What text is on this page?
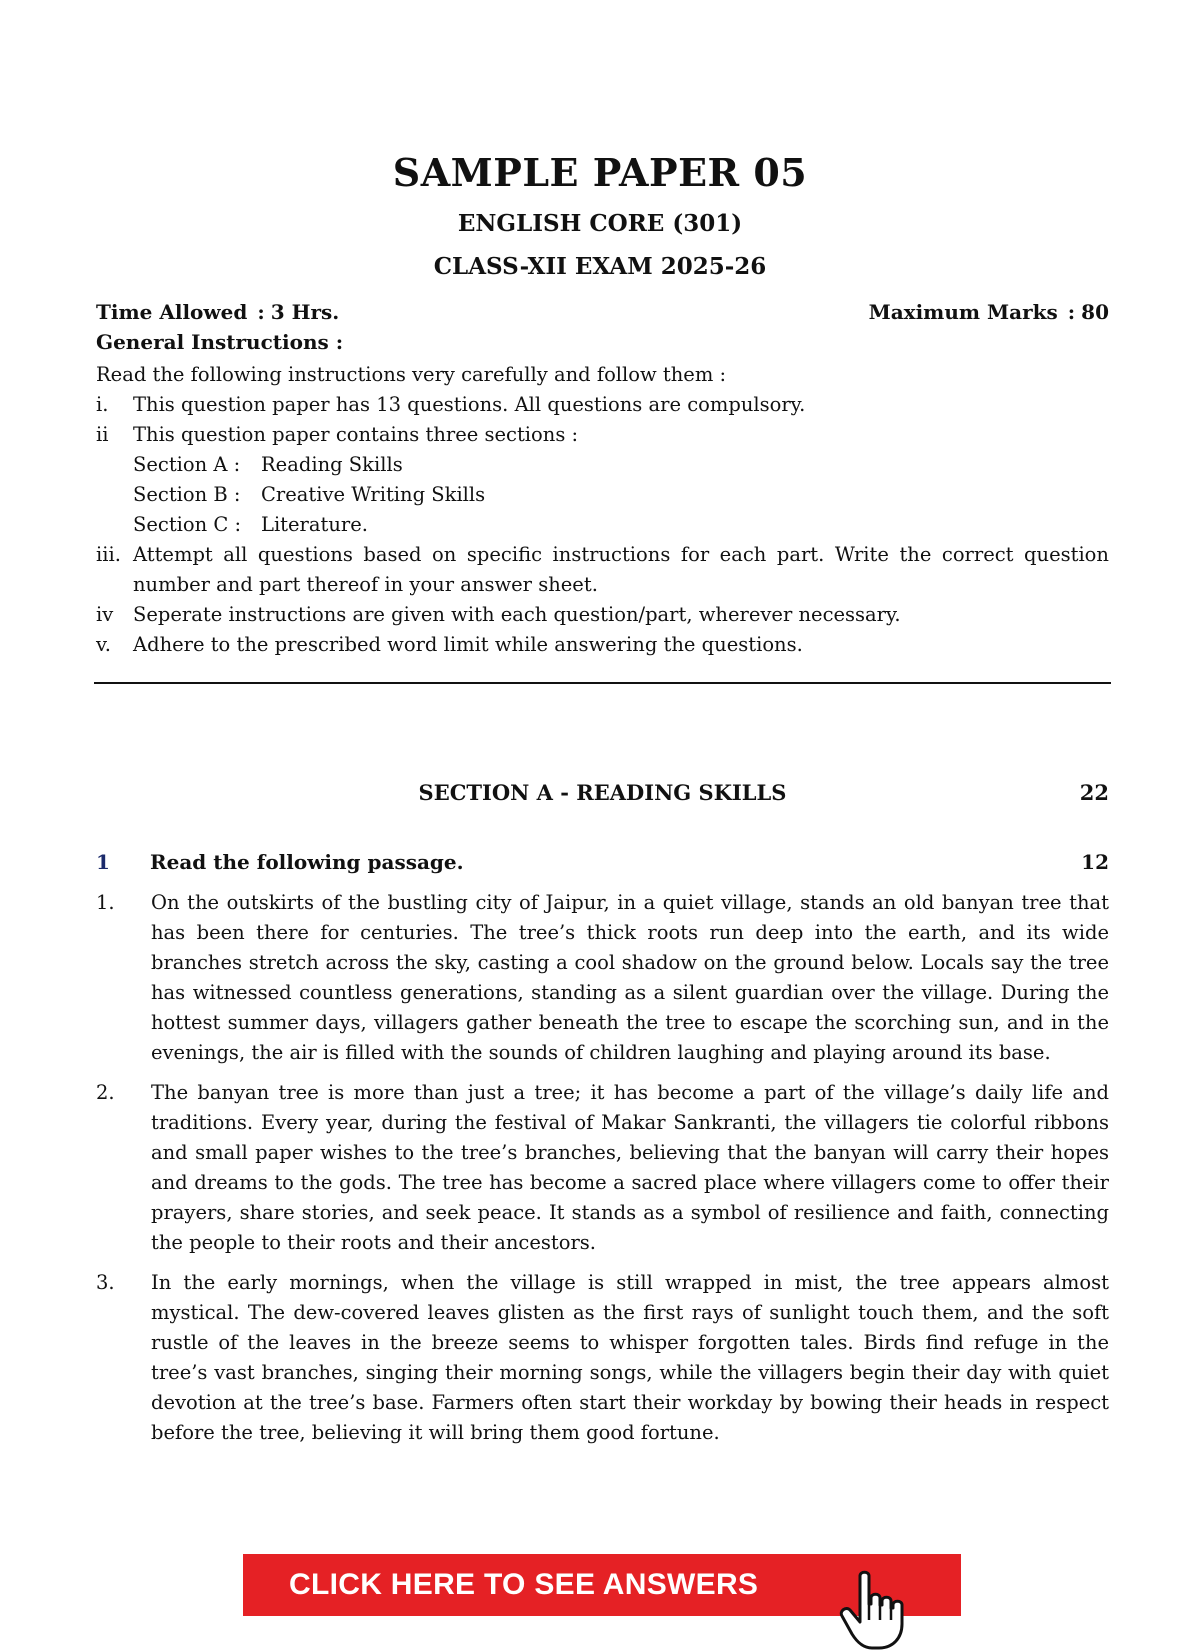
SAMPLE PAPER 05
ENGLISH CORE (301)
CLASS-XII EXAM 2025-26
Time Allowed : 3 Hrs.	Maximum Marks : 80
General Instructions :
Read the following instructions very carefully and follow them :
i.	This question paper has 13 questions. All questions are compulsory.
ii	This question paper contains three sections :
Section A :	Reading Skills
Section B :	Creative Writing Skills
Section C :	Literature.
iii. Attempt all questions based on specific instructions for each part. Write the correct question number and part thereof in your answer sheet.
iv	Seperate instructions are given with each question/part, wherever necessary.
v.	Adhere to the prescribed word limit while answering the questions.
SECTION A - READING SKILLS	22
1 Read the following passage.	12
1.	On the outskirts of the bustling city of Jaipur, in a quiet village, stands an old banyan tree that has been there for centuries. The tree’s thick roots run deep into the earth, and its wide branches stretch across the sky, casting a cool shadow on the ground below. Locals say the tree has witnessed countless generations, standing as a silent guardian over the village. During the hottest summer days, villagers gather beneath the tree to escape the scorching sun, and in the evenings, the air is filled with the sounds of children laughing and playing around its base.
2.	The banyan tree is more than just a tree; it has become a part of the village’s daily life and traditions. Every year, during the festival of Makar Sankranti, the villagers tie colorful ribbons and small paper wishes to the tree’s branches, believing that the banyan will carry their hopes and dreams to the gods. The tree has become a sacred place where villagers come to offer their prayers, share stories, and seek peace. It stands as a symbol of resilience and faith, connecting the people to their roots and their ancestors.
3.	In the early mornings, when the village is still wrapped in mist, the tree appears almost mystical. The dew-covered leaves glisten as the first rays of sunlight touch them, and the soft rustle of the leaves in the breeze seems to whisper forgotten tales. Birds find refuge in the tree’s vast branches, singing their morning songs, while the villagers begin their day with quiet devotion at the tree’s base. Farmers often start their workday by bowing their heads in respect before the tree, believing it will bring them good fortune.
CLICK HERE TO SEE ANSWERS
